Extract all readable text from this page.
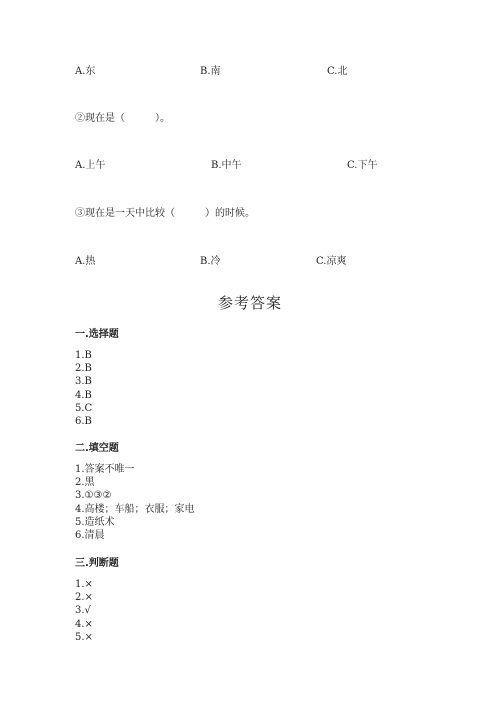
A.东	B.南	C.北
②现在是（　　　）。
A.上午	B.中午	C.下午
③现在是一天中比较（　　　）的时候。
A.热	B.冷	C.凉爽
参考答案
一.选择题
1.B
2.B
3.B
4.B
5.C
6.B
二.填空题
1.答案不唯一
2.黑
3.①③②
4.高楼；车船；衣服；家电
5.造纸术
6.清晨
三.判断题
1.×
2.×
3.√
4.×
5.×
